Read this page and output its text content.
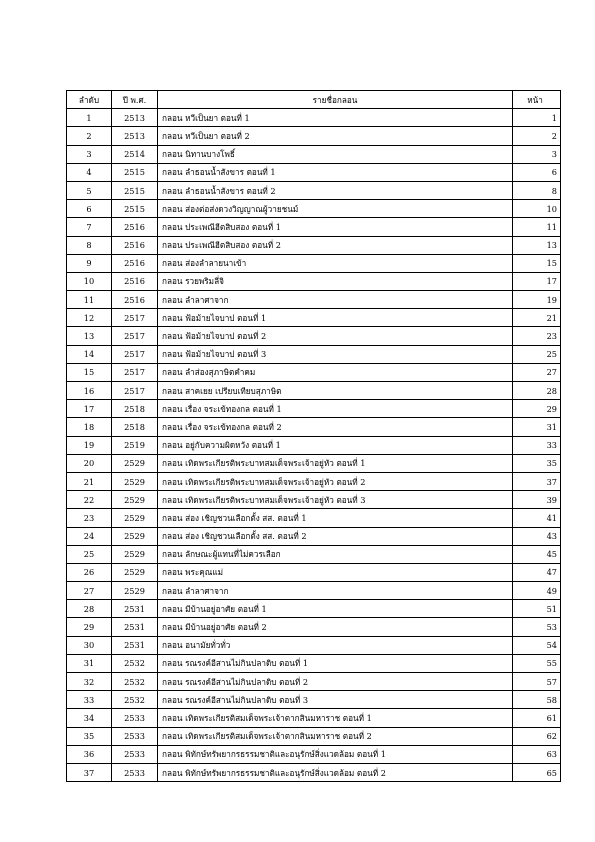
ลำดับ	ปี พ.ศ.	รายชื่อกลอน	หน้า
1	2513	กลอน หวีเป็นยา ตอนที่ 1	1
2	2513	กลอน หวีเป็นยา ตอนที่ 2	2
3	2514	กลอน นิทานบางโพธิ์	3
4	2515	กลอน ลำธอนน้ำสังขาร ตอนที่ 1	6
5	2515	กลอน ลำธอนน้ำสังขาร ตอนที่ 2	8
6	2515	กลอน ส่องต่อส่งดวงวิญญาณผู้วายชนม์	10
7	2516	กลอน ประเพณีฮีตสิบสอง ตอนที่ 1	11
8	2516	กลอน ประเพณีฮีตสิบสอง ตอนที่ 2	13
9	2516	กลอน ส่องลำลายนาเข้า	15
10	2516	กลอน รวยพริมลี่จิ	17
11	2516	กลอน ลำลาศาจาก	19
12	2517	กลอน ฟ้อม้ายไจบาป ตอนที่ 1	21
13	2517	กลอน ฟ้อม้ายไจบาป ตอนที่ 2	23
14	2517	กลอน ฟ้อม้ายไจบาป ตอนที่ 3	25
15	2517	กลอน ลำส่องสุภาษิตคำคม	27
16	2517	กลอน สาคเยย เปรียบเทียบสุภาษิต	28
17	2518	กลอน เรื่อง จระเข้ทองกล ตอนที่ 1	29
18	2518	กลอน เรื่อง จระเข้ทองกล ตอนที่ 2	31
19	2519	กลอน อยู่กับความผิดหวัง ตอนที่ 1	33
20	2529	กลอน เทิดพระเกียรติพระบาทสมเด็จพระเจ้าอยู่หัว ตอนที่ 1	35
21	2529	กลอน เทิดพระเกียรติพระบาทสมเด็จพระเจ้าอยู่หัว ตอนที่ 2	37
22	2529	กลอน เทิดพระเกียรติพระบาทสมเด็จพระเจ้าอยู่หัว ตอนที่ 3	39
23	2529	กลอน ส่อง เชิญชวนเลือกตั้ง สส. ตอนที่ 1	41
24	2529	กลอน ส่อง เชิญชวนเลือกตั้ง สส. ตอนที่ 2	43
25	2529	กลอน ลักษณะผู้แทนที่ไม่ควรเลือก	45
26	2529	กลอน พระคุณแม่	47
27	2529	กลอน ลำลาศาจาก	49
28	2531	กลอน มีบ้านอยู่อาศัย ตอนที่ 1	51
29	2531	กลอน มีบ้านอยู่อาศัย ตอนที่ 2	53
30	2531	กลอน อนามัยทั่วทั่ว	54
31	2532	กลอน รณรงค์อีสานไม่กินปลาดิบ ตอนที่ 1	55
32	2532	กลอน รณรงค์อีสานไม่กินปลาดิบ ตอนที่ 2	57
33	2532	กลอน รณรงค์อีสานไม่กินปลาดิบ ตอนที่ 3	58
34	2533	กลอน เทิดพระเกียรติสมเด็จพระเจ้าตากสินมหาราช ตอนที่ 1	61
35	2533	กลอน เทิดพระเกียรติสมเด็จพระเจ้าตากสินมหาราช ตอนที่ 2	62
36	2533	กลอน พิทักษ์ทรัพยากรธรรมชาติและอนุรักษ์สิ่งแวดล้อม ตอนที่ 1	63
37	2533	กลอน พิทักษ์ทรัพยากรธรรมชาติและอนุรักษ์สิ่งแวดล้อม ตอนที่ 2	65
